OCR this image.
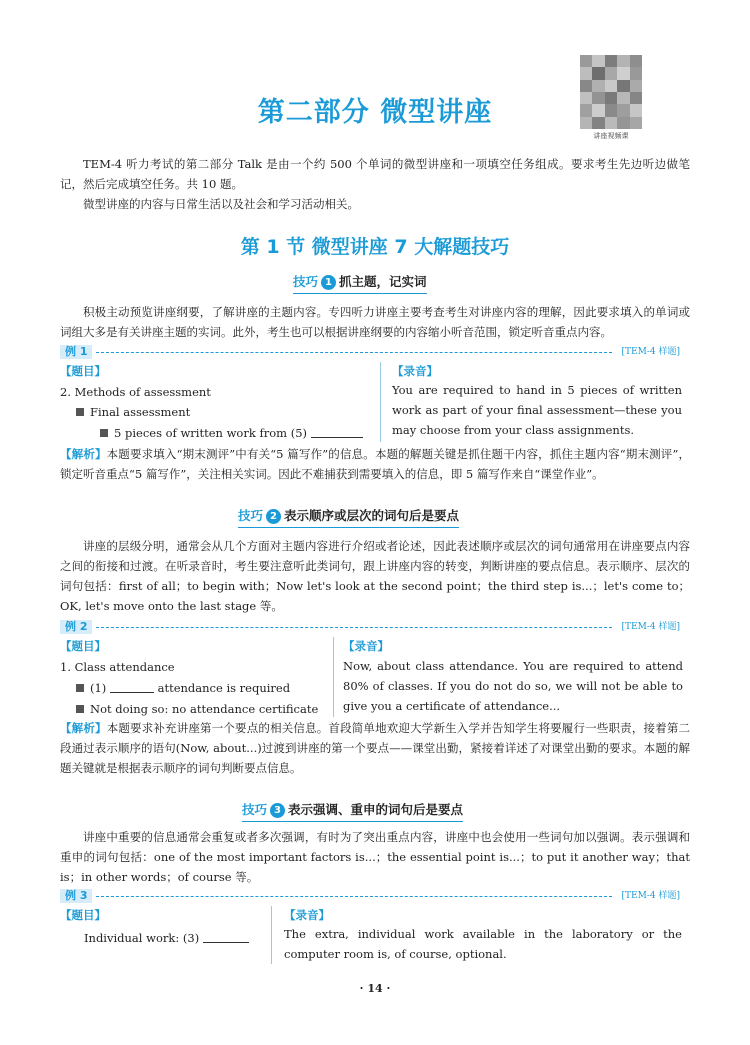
第二部分 微型讲座
讲座视频课

TEM-4 听力考试的第二部分 Talk 是由一个约 500 个单词的微型讲座和一项填空任务组成。要求考生先边听边做笔记，然后完成填空任务。共 10 题。

微型讲座的内容与日常生活以及社会和学习活动相关。

第 1 节 微型讲座 7 大解题技巧
技巧 1 抓主题，记实词

积极主动预览讲座纲要，了解讲座的主题内容。专四听力讲座主要考查考生对讲座内容的理解，因此要求填入的单词或词组大多是有关讲座主题的实词。此外，考生也可以根据讲座纲要的内容缩小听音范围，锁定听音重点内容。

例 1	[TEM-4 样题]
【题目】
2. Methods of assessment
Final assessment
5 pieces of written work from (5)
【录音】

You are required to hand in 5 pieces of written work as part of your final assessment—these you may choose from your class assignments.

【解析】本题要求填入“期末测评”中有关“5 篇写作”的信息。本题的解题关键是抓住题干内容，抓住主题内容“期末测评”，锁定听音重点“5 篇写作”，关注相关实词。因此不难捕获到需要填入的信息，即 5 篇写作来自“课堂作业”。

技巧 2 表示顺序或层次的词句后是要点

讲座的层级分明，通常会从几个方面对主题内容进行介绍或者论述，因此表述顺序或层次的词句通常用在讲座要点内容之间的衔接和过渡。在听录音时，考生要注意听此类词句，跟上讲座内容的转变，判断讲座的要点信息。表示顺序、层次的词句包括：first of all；to begin with；Now let's look at the second point；the third step is...；let's come to；OK, let's move onto the last stage 等。

例 2	[TEM-4 样题]
【题目】
1. Class attendance
(1)	attendance is required
Not doing so: no attendance certificate
【录音】

Now, about class attendance. You are required to attend 80% of classes. If you do not do so, we will not be able to give you a certificate of attendance...

【解析】本题要求补充讲座第一个要点的相关信息。首段简单地欢迎大学新生入学并告知学生将要履行一些职责，接着第二段通过表示顺序的语句(Now, about...)过渡到讲座的第一个要点——课堂出勤，紧接着详述了对课堂出勤的要求。本题的解题关键就是根据表示顺序的词句判断要点信息。

技巧 3 表示强调、重申的词句后是要点

讲座中重要的信息通常会重复或者多次强调，有时为了突出重点内容，讲座中也会使用一些词句加以强调。表示强调和重申的词句包括：one of the most important factors is...；the essential point is...；to put it another way；that is；in other words；of course 等。

例 3	[TEM-4 样题]
【题目】
Individual work: (3)
【录音】

The extra, individual work available in the laboratory or the computer room is, of course, optional.

· 14 ·
